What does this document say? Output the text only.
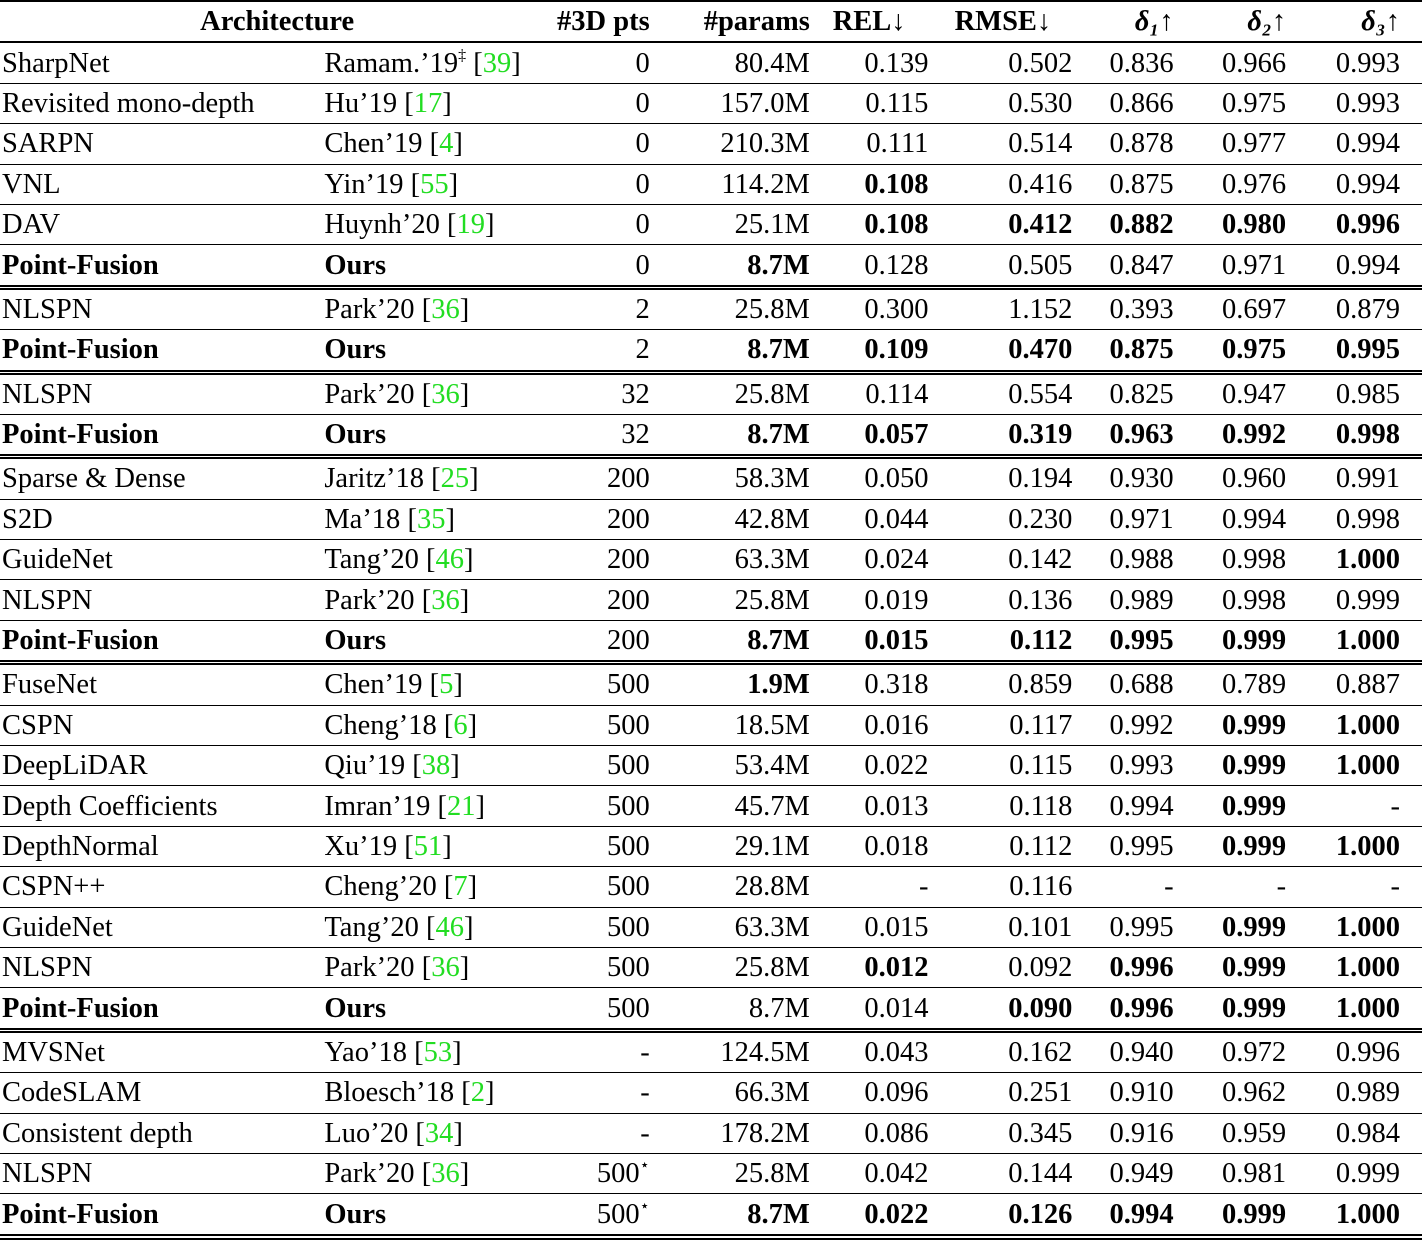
Architecture		#3D pts	#params	REL↓	RMSE↓	δ₁↑	δ₂↑	δ₃↑
SharpNet	Ramam.’19‡ [39]	0	80.4M	0.139	0.502	0.836	0.966	0.993
Revisited mono-depth	Hu’19 [17]	0	157.0M	0.115	0.530	0.866	0.975	0.993
SARPN	Chen’19 [4]	0	210.3M	0.111	0.514	0.878	0.977	0.994
VNL	Yin’19 [55]	0	114.2M	0.108	0.416	0.875	0.976	0.994
DAV	Huynh’20 [19]	0	25.1M	0.108	0.412	0.882	0.980	0.996
Point-Fusion	Ours	0	8.7M	0.128	0.505	0.847	0.971	0.994
NLSPN	Park’20 [36]	2	25.8M	0.300	1.152	0.393	0.697	0.879
Point-Fusion	Ours	2	8.7M	0.109	0.470	0.875	0.975	0.995
NLSPN	Park’20 [36]	32	25.8M	0.114	0.554	0.825	0.947	0.985
Point-Fusion	Ours	32	8.7M	0.057	0.319	0.963	0.992	0.998
Sparse & Dense	Jaritz’18 [25]	200	58.3M	0.050	0.194	0.930	0.960	0.991
S2D	Ma’18 [35]	200	42.8M	0.044	0.230	0.971	0.994	0.998
GuideNet	Tang’20 [46]	200	63.3M	0.024	0.142	0.988	0.998	1.000
NLSPN	Park’20 [36]	200	25.8M	0.019	0.136	0.989	0.998	0.999
Point-Fusion	Ours	200	8.7M	0.015	0.112	0.995	0.999	1.000
FuseNet	Chen’19 [5]	500	1.9M	0.318	0.859	0.688	0.789	0.887
CSPN	Cheng’18 [6]	500	18.5M	0.016	0.117	0.992	0.999	1.000
DeepLiDAR	Qiu’19 [38]	500	53.4M	0.022	0.115	0.993	0.999	1.000
Depth Coefficients	Imran’19 [21]	500	45.7M	0.013	0.118	0.994	0.999	-
DepthNormal	Xu’19 [51]	500	29.1M	0.018	0.112	0.995	0.999	1.000
CSPN++	Cheng’20 [7]	500	28.8M	-	0.116	-	-	-
GuideNet	Tang’20 [46]	500	63.3M	0.015	0.101	0.995	0.999	1.000
NLSPN	Park’20 [36]	500	25.8M	0.012	0.092	0.996	0.999	1.000
Point-Fusion	Ours	500	8.7M	0.014	0.090	0.996	0.999	1.000
MVSNet	Yao’18 [53]	-	124.5M	0.043	0.162	0.940	0.972	0.996
CodeSLAM	Bloesch’18 [2]	-	66.3M	0.096	0.251	0.910	0.962	0.989
Consistent depth	Luo’20 [34]	-	178.2M	0.086	0.345	0.916	0.959	0.984
NLSPN	Park’20 [36]	500⋆	25.8M	0.042	0.144	0.949	0.981	0.999
Point-Fusion	Ours	500⋆	8.7M	0.022	0.126	0.994	0.999	1.000
